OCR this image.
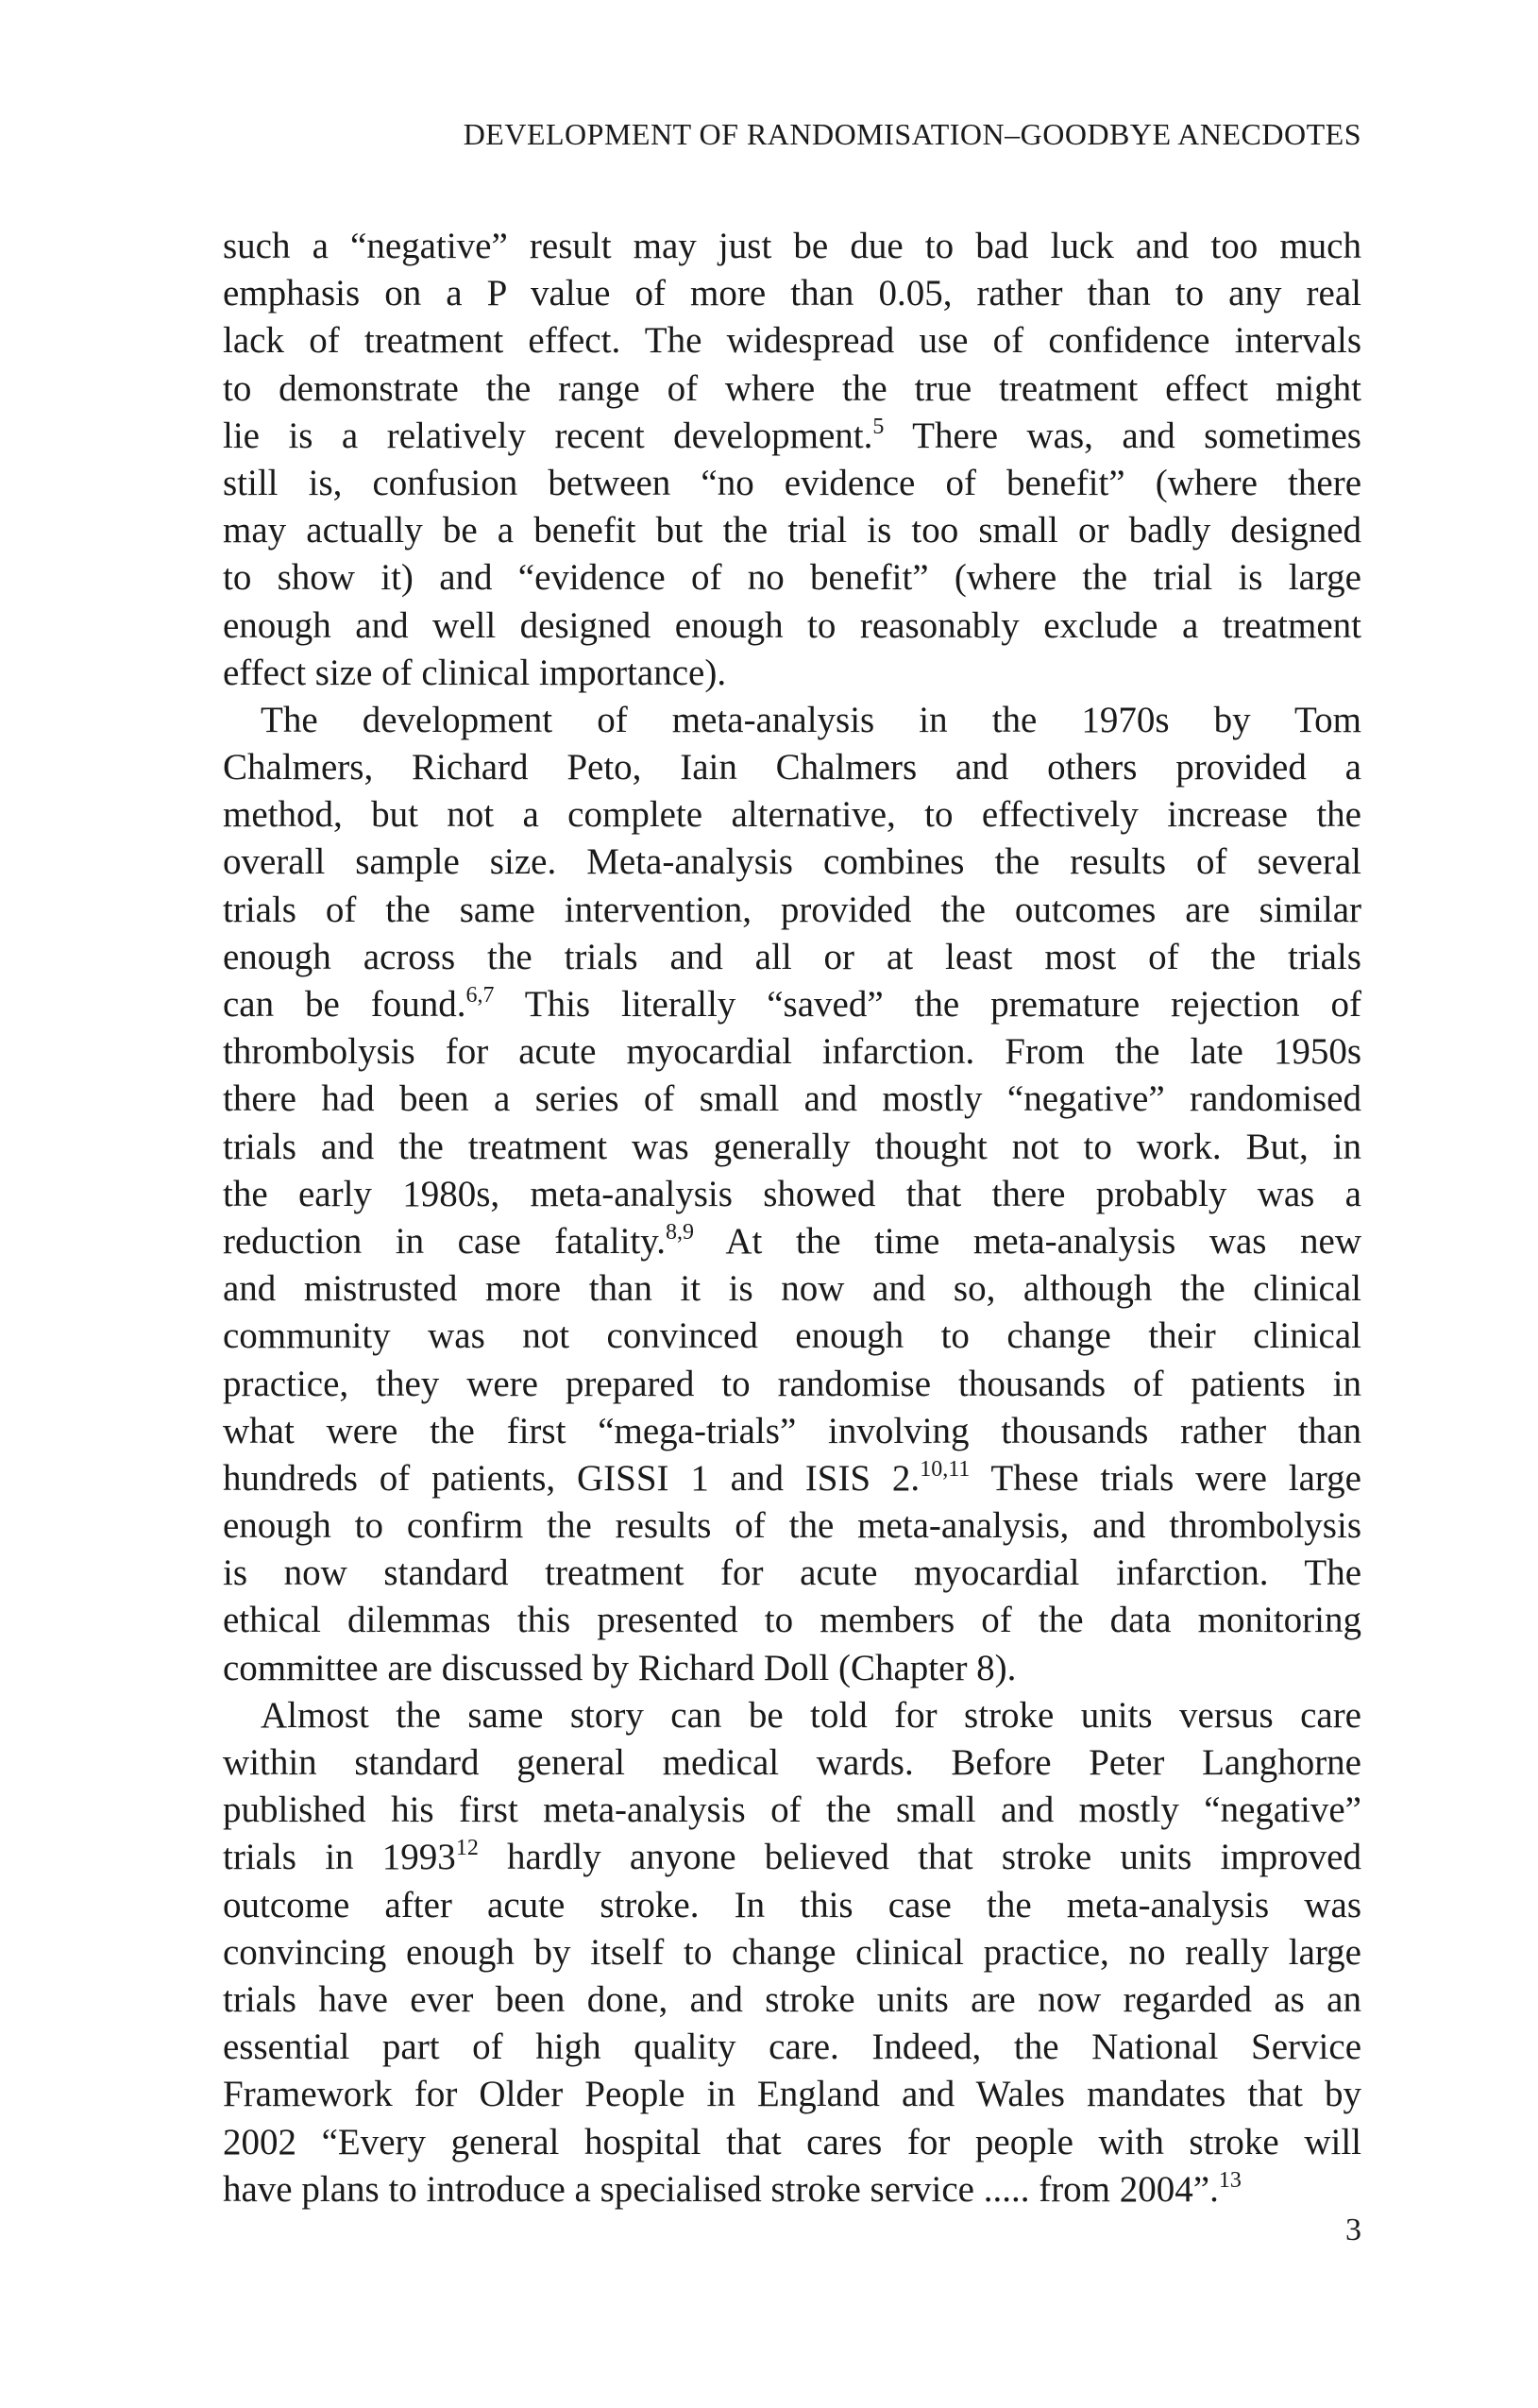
DEVELOPMENT OF RANDOMISATION–GOODBYE ANECDOTES
such a “negative” result may just be due to bad luck and too much
emphasis on a P value of more than 0.05, rather than to any real
lack of treatment effect. The widespread use of confidence intervals
to demonstrate the range of where the true treatment effect might
lie is a relatively recent development.$^5$ There was, and sometimes
still is, confusion between “no evidence of benefit” (where there
may actually be a benefit but the trial is too small or badly designed
to show it) and “evidence of no benefit” (where the trial is large
enough and well designed enough to reasonably exclude a treatment
effect size of clinical importance).
The development of meta-analysis in the 1970s by Tom
Chalmers, Richard Peto, Iain Chalmers and others provided a
method, but not a complete alternative, to effectively increase the
overall sample size. Meta-analysis combines the results of several
trials of the same intervention, provided the outcomes are similar
enough across the trials and all or at least most of the trials
can be found.$^{6,7}$ This literally “saved” the premature rejection of
thrombolysis for acute myocardial infarction. From the late 1950s
there had been a series of small and mostly “negative” randomised
trials and the treatment was generally thought not to work. But, in
the early 1980s, meta-analysis showed that there probably was a
reduction in case fatality.$^{8,9}$ At the time meta-analysis was new
and mistrusted more than it is now and so, although the clinical
community was not convinced enough to change their clinical
practice, they were prepared to randomise thousands of patients in
what were the first “mega-trials” involving thousands rather than
hundreds of patients, GISSI 1 and ISIS 2.$^{10,11}$ These trials were large
enough to confirm the results of the meta-analysis, and thrombolysis
is now standard treatment for acute myocardial infarction. The
ethical dilemmas this presented to members of the data monitoring
committee are discussed by Richard Doll (Chapter 8).
Almost the same story can be told for stroke units versus care
within standard general medical wards. Before Peter Langhorne
published his first meta-analysis of the small and mostly “negative”
trials in 1993$^{12}$ hardly anyone believed that stroke units improved
outcome after acute stroke. In this case the meta-analysis was
convincing enough by itself to change clinical practice, no really large
trials have ever been done, and stroke units are now regarded as an
essential part of high quality care. Indeed, the National Service
Framework for Older People in England and Wales mandates that by
2002 “Every general hospital that cares for people with stroke will
have plans to introduce a specialised stroke service ..... from 2004”.$^{13}$
3
